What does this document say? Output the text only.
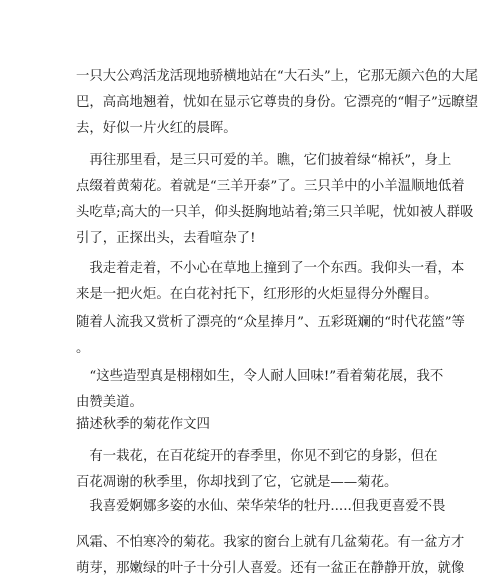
一只大公鸡活龙活现地骄横地站在“大石头”上，它那无颜六色的大尾
巴，高高地翘着，忧如在显示它尊贵的身份。它漂亮的“帽子”远瞭望
去，好似一片火红的晨晖。

　再往那里看，是三只可爱的羊。瞧，它们披着绿“棉袄”，身上
点缀着黄菊花。着就是“三羊开泰”了。三只羊中的小羊温顺地低着
头吃草;高大的一只羊，仰头挺胸地站着;第三只羊呢，忧如被人群吸
引了，正探出头，去看喧杂了!

　我走着走着，不小心在草地上撞到了一个东西。我仰头一看，本
来是一把火炬。在白花衬托下，红形形的火炬显得分外醒目。

随着人流我又赏析了漂亮的“众星捧月”、五彩斑斓的“时代花篮”等
。

　“这些造型真是栩栩如生，令人耐人回味!”看着菊花展，我不
由赞美道。

描述秋季的菊花作文四

　有一栽花，在百花绽开的春季里，你见不到它的身影，但在
百花凋谢的秋季里，你却找到了它，它就是——菊花。

　我喜爱婀娜多姿的水仙、荣华荣华的牡丹.....但我更喜爱不畏

风霜、不怕寒冷的菊花。我家的窗台上就有几盆菊花。有一盆方才
萌芽，那嫩绿的叶子十分引人喜爱。还有一盆正在静静开放，就像
